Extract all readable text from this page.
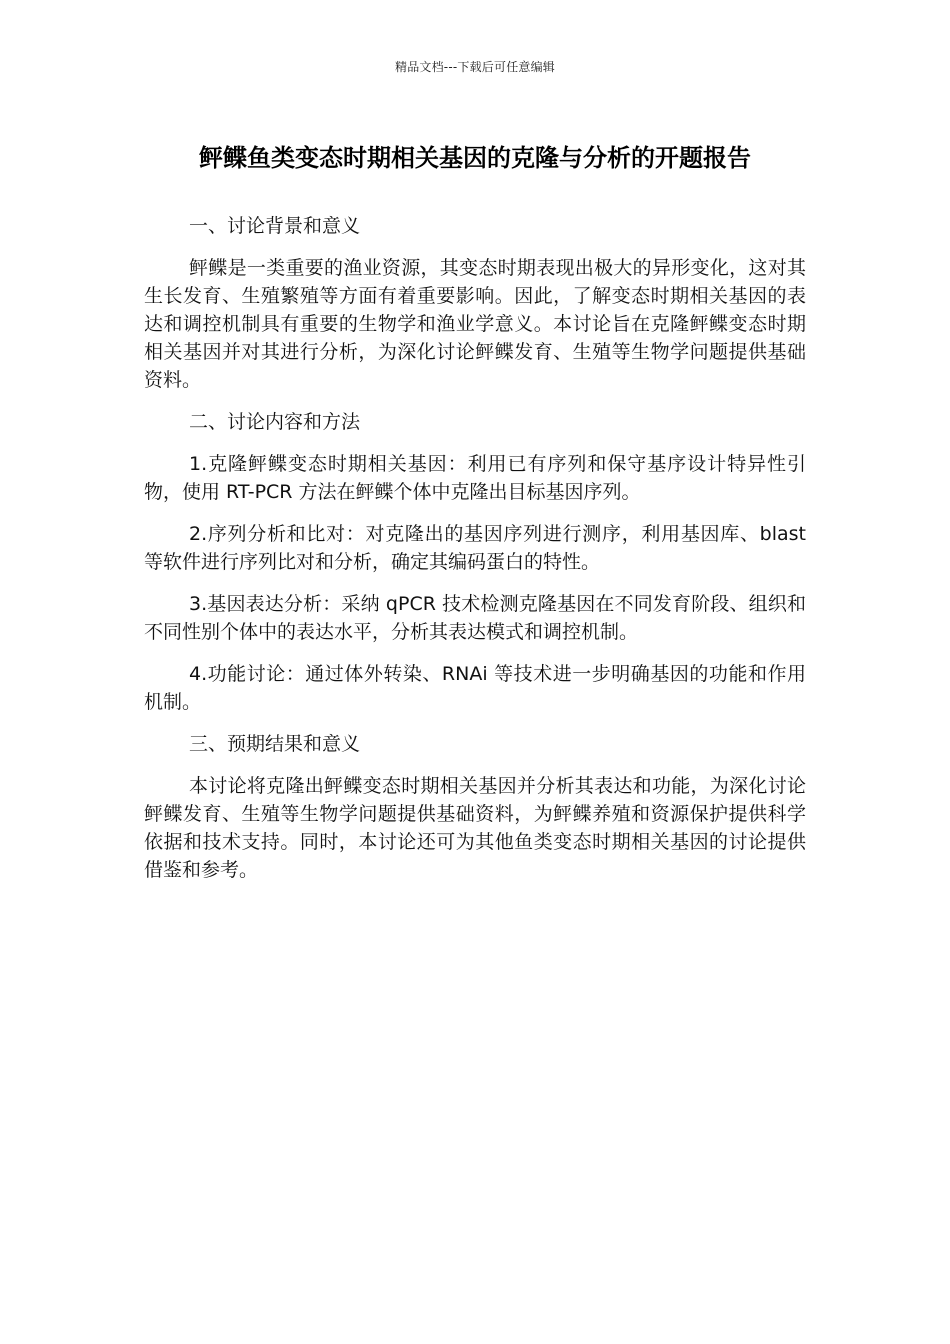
精品文档---下载后可任意编辑
鲆鲽鱼类变态时期相关基因的克隆与分析的开题报告
一、讨论背景和意义

鲆鲽是一类重要的渔业资源，其变态时期表现出极大的异形变化，这对其生长发育、生殖繁殖等方面有着重要影响。因此，了解变态时期相关基因的表达和调控机制具有重要的生物学和渔业学意义。本讨论旨在克隆鲆鲽变态时期相关基因并对其进行分析，为深化讨论鲆鲽发育、生殖等生物学问题提供基础资料。

二、讨论内容和方法

1.克隆鲆鲽变态时期相关基因：利用已有序列和保守基序设计特异性引物，使用 RT-PCR 方法在鲆鲽个体中克隆出目标基因序列。

2.序列分析和比对：对克隆出的基因序列进行测序，利用基因库、blast 等软件进行序列比对和分析，确定其编码蛋白的特性。

3.基因表达分析：采纳 qPCR 技术检测克隆基因在不同发育阶段、组织和不同性别个体中的表达水平，分析其表达模式和调控机制。

4.功能讨论：通过体外转染、RNAi 等技术进一步明确基因的功能和作用机制。

三、预期结果和意义

本讨论将克隆出鲆鲽变态时期相关基因并分析其表达和功能，为深化讨论鲆鲽发育、生殖等生物学问题提供基础资料，为鲆鲽养殖和资源保护提供科学依据和技术支持。同时，本讨论还可为其他鱼类变态时期相关基因的讨论提供借鉴和参考。
